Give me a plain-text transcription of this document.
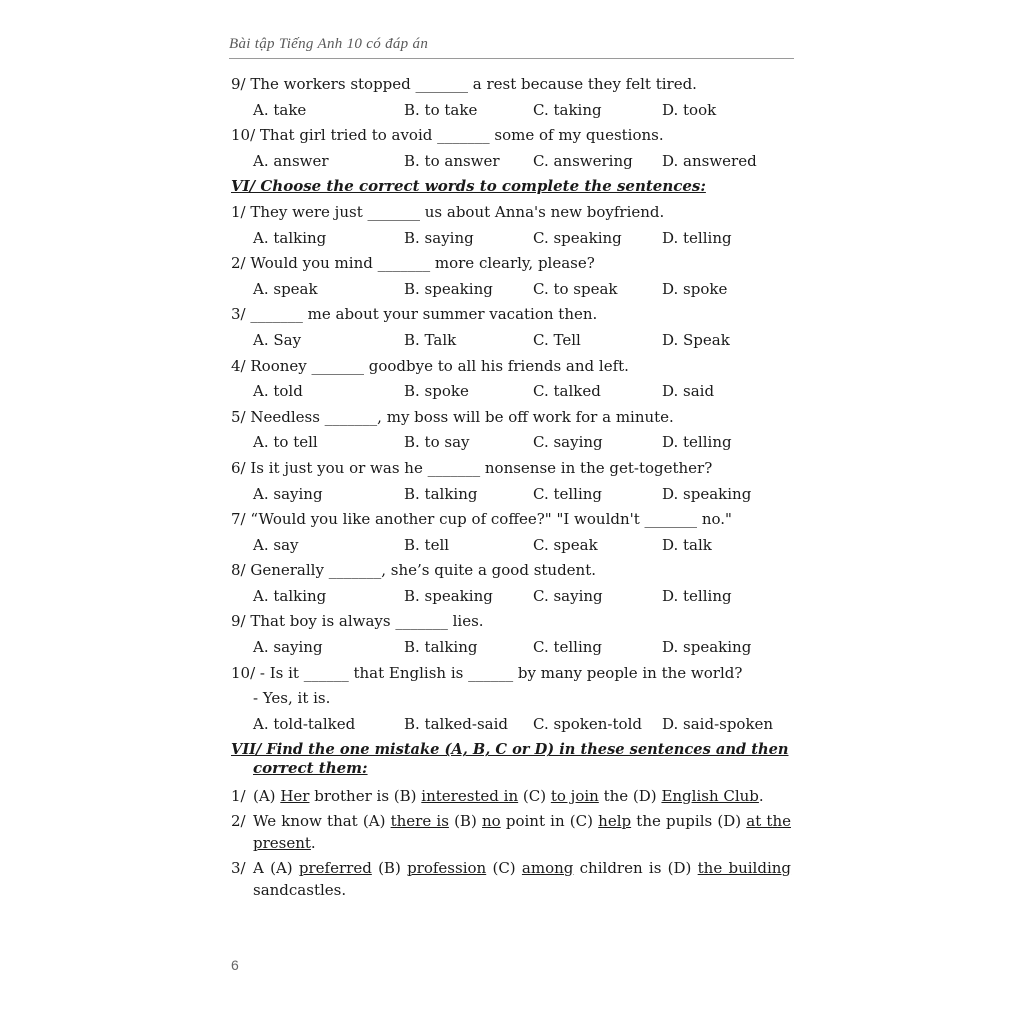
Bài tập Tiếng Anh 10 có đáp án
9/ The workers stopped _______ a rest because they felt tired.
A. take	B. to take	C. taking	D. took
10/ That girl tried to avoid _______ some of my questions.
A. answer	B. to answer	C. answering	D. answered
VI/ Choose the correct words to complete the sentences:
1/ They were just _______ us about Anna's new boyfriend.
A. talking	B. saying	C. speaking	D. telling
2/ Would you mind _______ more clearly, please?
A. speak	B. speaking	C. to speak	D. spoke
3/ _______ me about your summer vacation then.
A. Say	B. Talk	C. Tell	D. Speak
4/ Rooney _______ goodbye to all his friends and left.
A. told	B. spoke	C. talked	D. said
5/ Needless _______, my boss will be off work for a minute.
A. to tell	B. to say	C. saying	D. telling
6/ Is it just you or was he _______ nonsense in the get-together?
A. saying	B. talking	C. telling	D. speaking
7/ “Would you like another cup of coffee?" "I wouldn't _______ no."
A. say	B. tell	C. speak	D. talk
8/ Generally _______, she’s quite a good student.
A. talking	B. speaking	C. saying	D. telling
9/ That boy is always _______ lies.
A. saying	B. talking	C. telling	D. speaking
10/ - Is it ______ that English is ______ by many people in the world?
- Yes, it is.
A. told-talked	B. talked-said	C. spoken-told	D. said-spoken
VII/ Find the one mistake (A, B, C or D) in these sentences and then
correct them:
1/ (A) Her brother is (B) interested in (C) to join the (D) English Club.
2/ We know that (A) there is (B) no point in (C) help the pupils (D) at the present.
3/ A (A) preferred (B) profession (C) among children is (D) the building sandcastles.
6
